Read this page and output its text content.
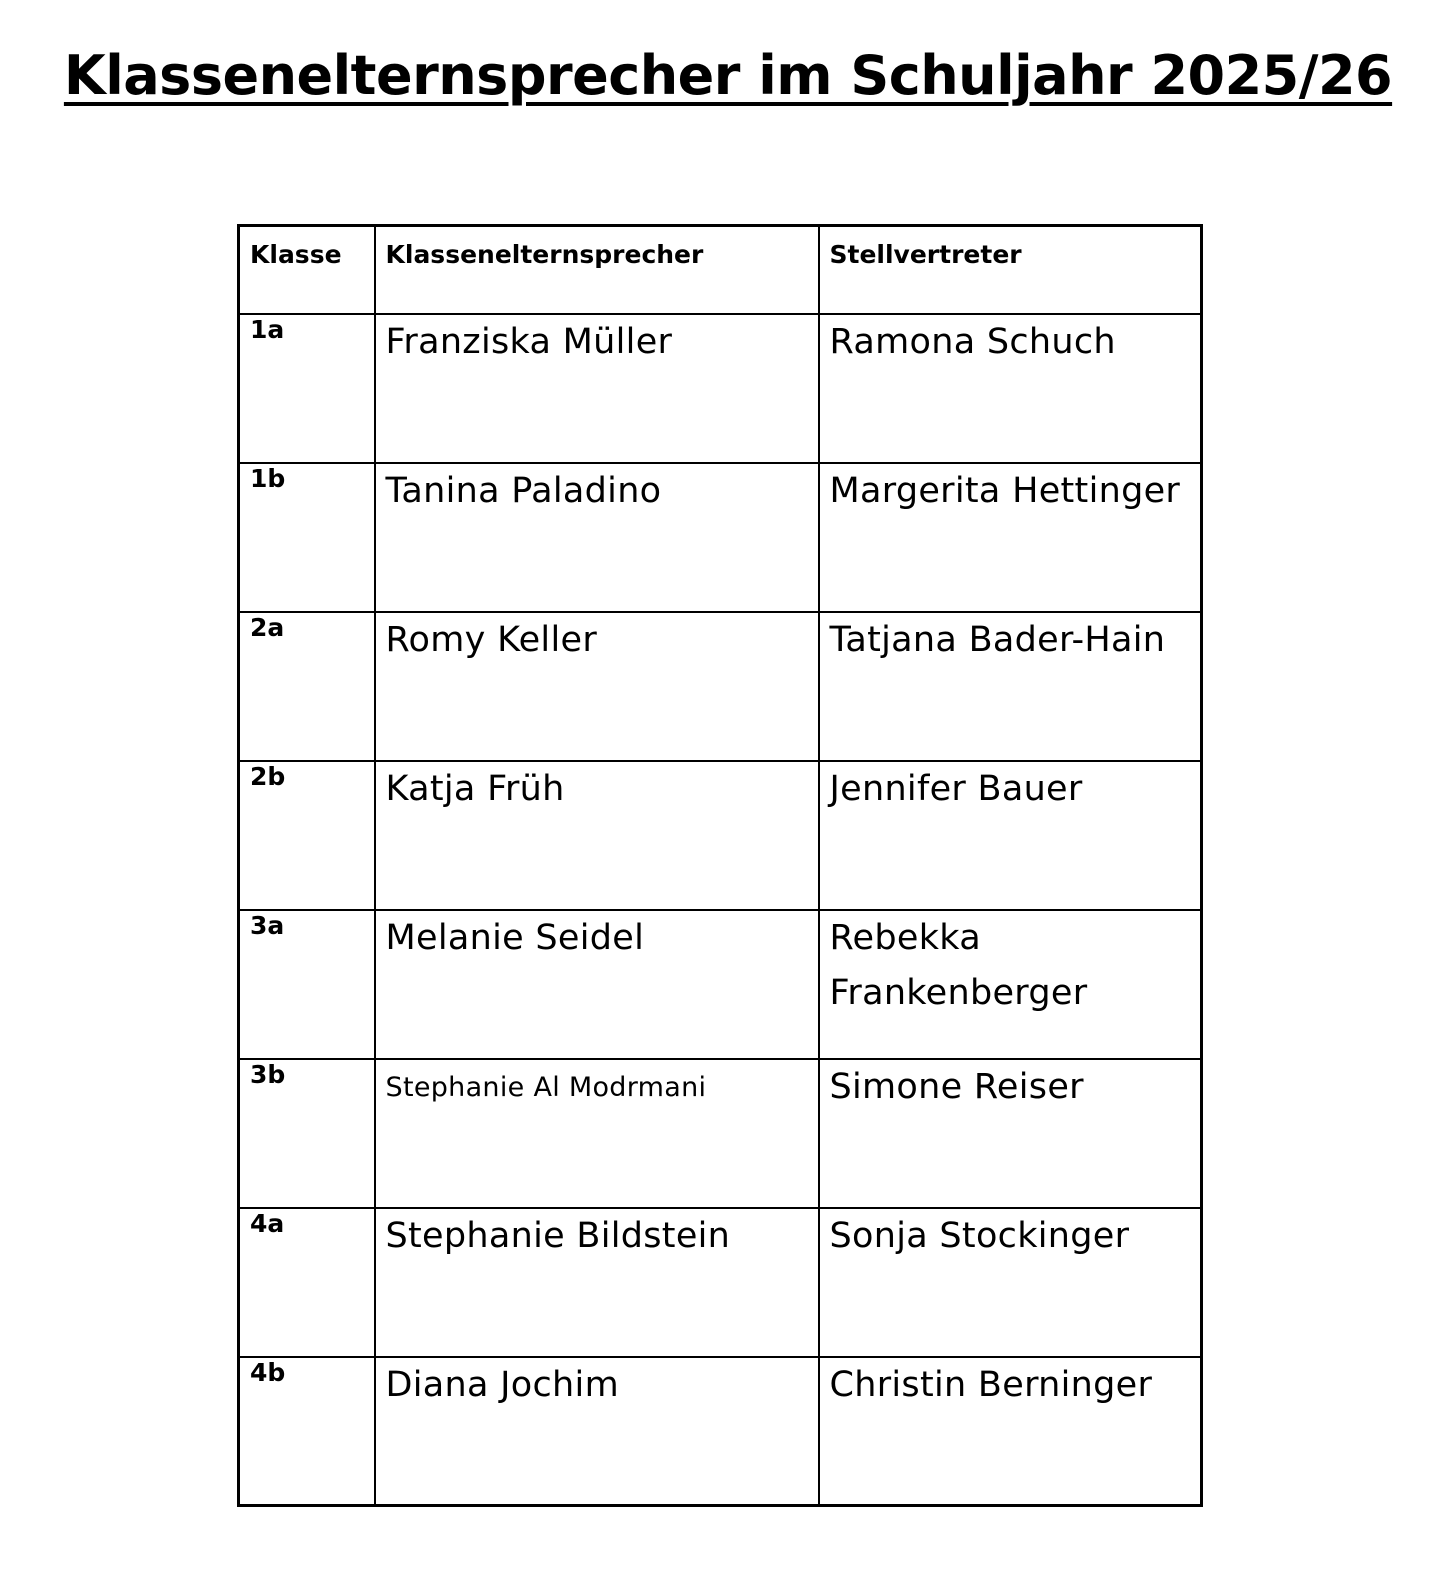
Klassenelternsprecher im Schuljahr 2025/26
Klasse	Klassenelternsprecher	Stellvertreter
1a	Franziska Müller	Ramona Schuch
1b	Tanina Paladino	Margerita Hettinger
2a	Romy Keller	Tatjana Bader-Hain
2b	Katja Früh	Jennifer Bauer
3a	Melanie Seidel	Rebekka Frankenberger
3b	Stephanie Al Modrmani	Simone Reiser
4a	Stephanie Bildstein	Sonja Stockinger
4b	Diana Jochim	Christin Berninger
